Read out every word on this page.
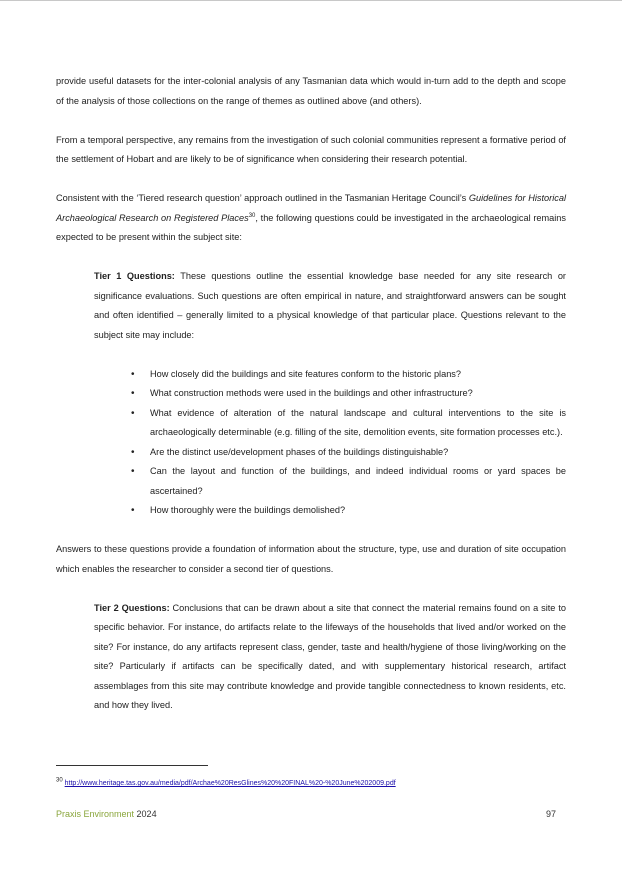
provide useful datasets for the inter-colonial analysis of any Tasmanian data which would in-turn add to the depth and scope of the analysis of those collections on the range of themes as outlined above (and others).

From a temporal perspective, any remains from the investigation of such colonial communities represent a formative period of the settlement of Hobart and are likely to be of significance when considering their research potential.

Consistent with the ‘Tiered research question’ approach outlined in the Tasmanian Heritage Council’s Guidelines for Historical Archaeological Research on Registered Places$^{30}$, the following questions could be investigated in the archaeological remains expected to be present within the subject site:

Tier 1 Questions: These questions outline the essential knowledge base needed for any site research or significance evaluations. Such questions are often empirical in nature, and straightforward answers can be sought and often identified – generally limited to a physical knowledge of that particular place. Questions relevant to the subject site may include:

• How closely did the buildings and site features conform to the historic plans?
• What construction methods were used in the buildings and other infrastructure?
• What evidence of alteration of the natural landscape and cultural interventions to the site is archaeologically determinable (e.g. filling of the site, demolition events, site formation processes etc.).
• Are the distinct use/development phases of the buildings distinguishable?
• Can the layout and function of the buildings, and indeed individual rooms or yard spaces be ascertained?
• How thoroughly were the buildings demolished?

Answers to these questions provide a foundation of information about the structure, type, use and duration of site occupation which enables the researcher to consider a second tier of questions.

Tier 2 Questions: Conclusions that can be drawn about a site that connect the material remains found on a site to specific behavior. For instance, do artifacts relate to the lifeways of the households that lived and/or worked on the site? For instance, do any artifacts represent class, gender, taste and health/hygiene of those living/working on the site? Particularly if artifacts can be specifically dated, and with supplementary historical research, artifact assemblages from this site may contribute knowledge and provide tangible connectedness to known residents, etc. and how they lived.

$^{30}$ http://www.heritage.tas.gov.au/media/pdf/Archae%20ResGlines%20%20FINAL%20-%20June%202009.pdf
Praxis Environment 2024	97
